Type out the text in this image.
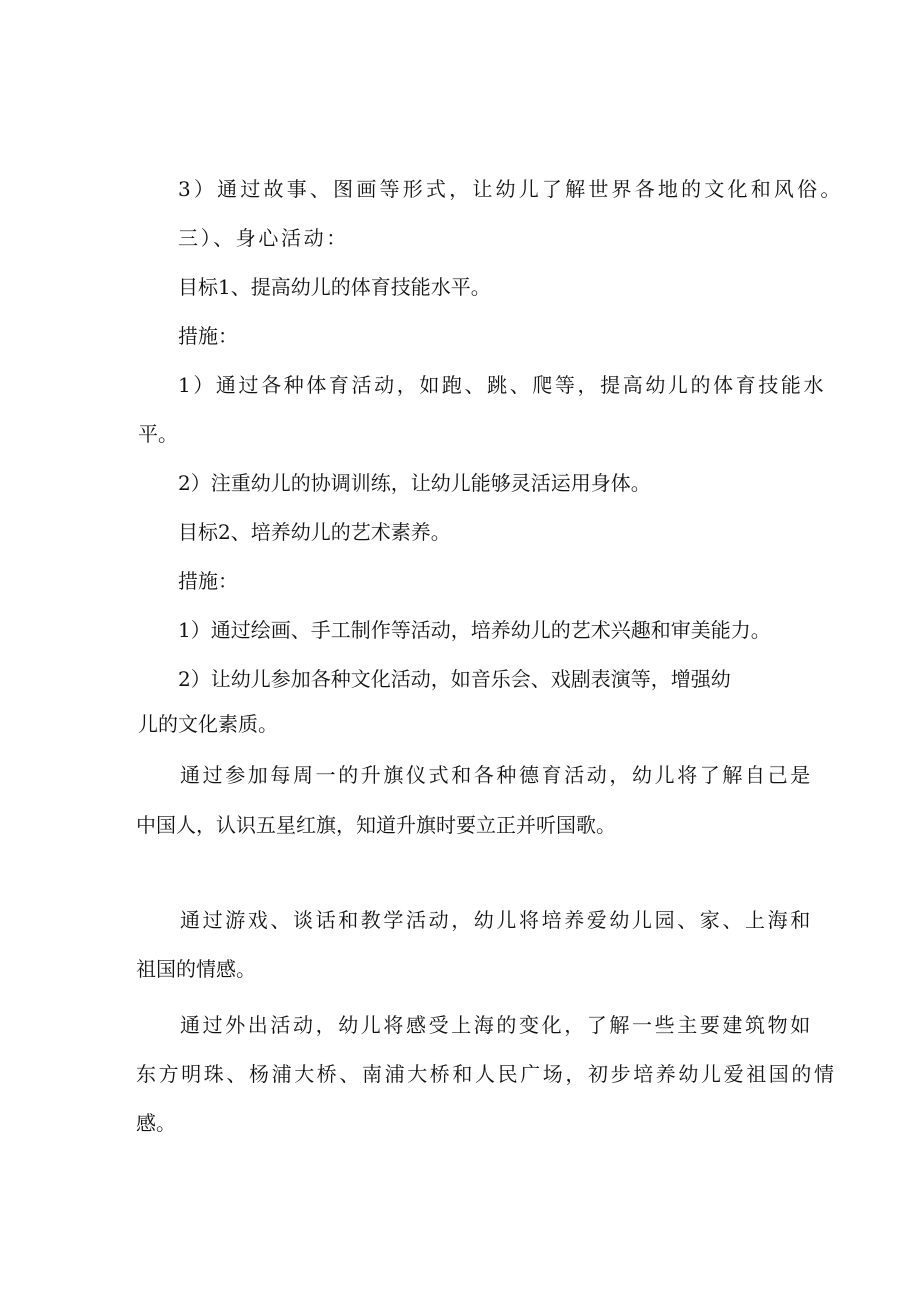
3）通过故事、图画等形式，让幼儿了解世界各地的文化和风俗。
三）、身心活动：
目标1、提高幼儿的体育技能水平。
措施：
1）通过各种体育活动，如跑、跳、爬等，提高幼儿的体育技能水
平。
2）注重幼儿的协调训练，让幼儿能够灵活运用身体。
目标2、培养幼儿的艺术素养。
措施：
1）通过绘画、手工制作等活动，培养幼儿的艺术兴趣和审美能力。
2）让幼儿参加各种文化活动，如音乐会、戏剧表演等，增强幼
儿的文化素质。
通过参加每周一的升旗仪式和各种德育活动，幼儿将了解自己是
中国人，认识五星红旗，知道升旗时要立正并听国歌。
通过游戏、谈话和教学活动，幼儿将培养爱幼儿园、家、上海和
祖国的情感。
通过外出活动，幼儿将感受上海的变化，了解一些主要建筑物如
东方明珠、杨浦大桥、南浦大桥和人民广场，初步培养幼儿爱祖国的情
感。
